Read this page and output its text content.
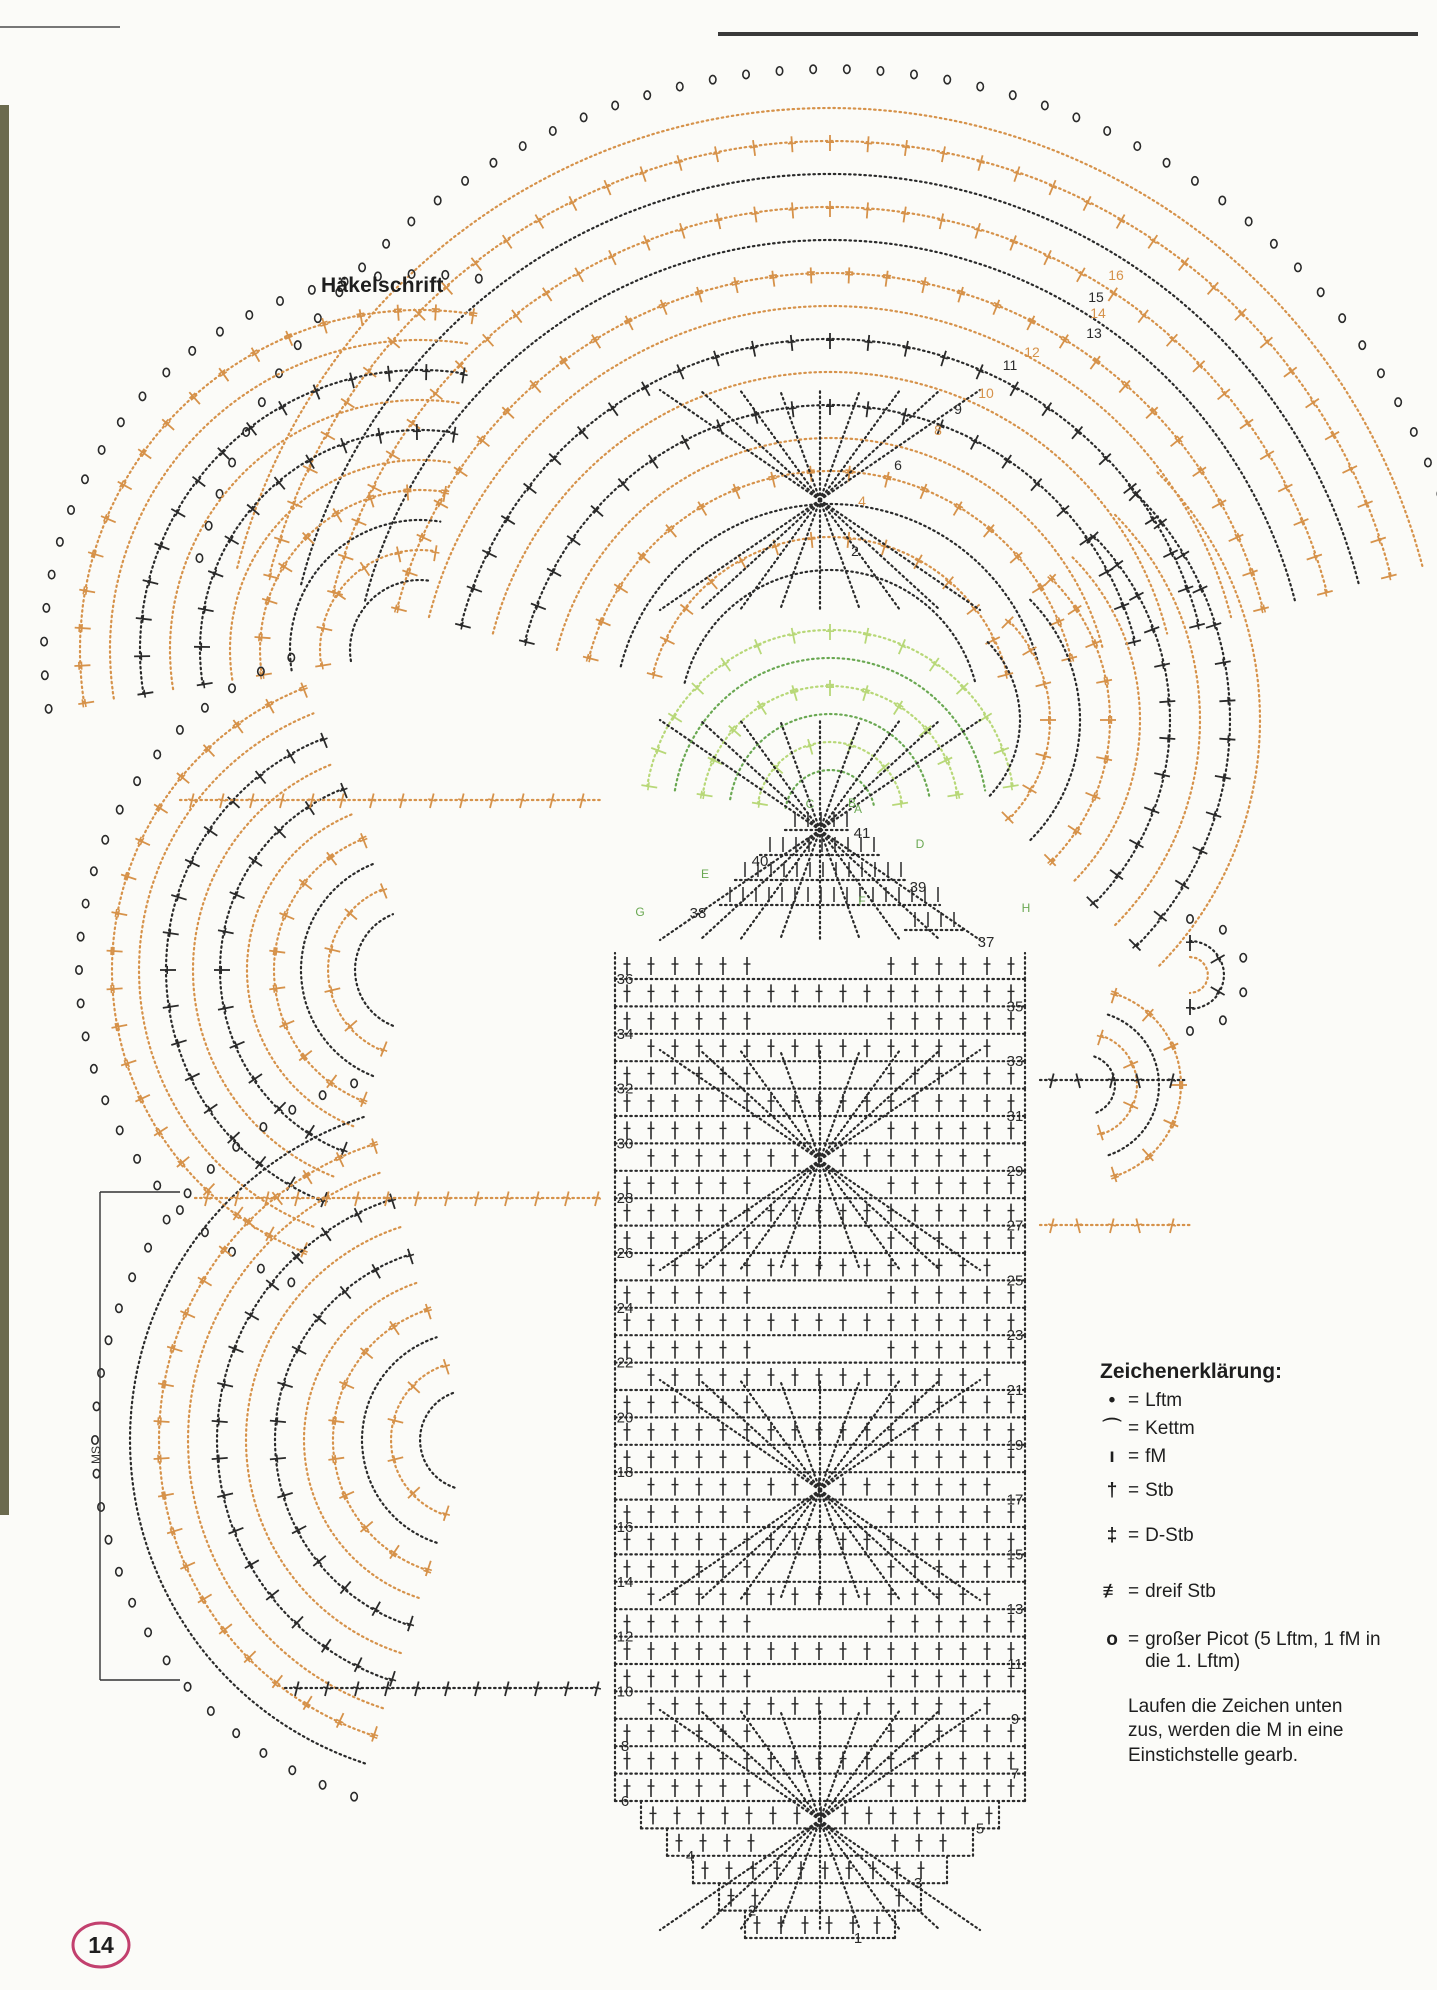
1
2
3
4
5
6
7
8
9
10
11
12
13
14
15
16
17
18
19
20
21
22
23
24
25
26
27
28
29
30
31
32
33
34
35
36
37
38
39
40
41
2
4
6
8
9
10
11
12
13
14
15
16
A
B
C
D
E
F
G	H
MS
Häkelschrift
Zeichenerklärung:
• = Lftm
⌒ = Kettm
ı = fM
† = Stb
‡ = D-Stb
≢ = dreif Stb
o = großer Picot (5 Lftm, 1 fM in die 1. Lftm)
Laufen die Zeichen unten zus, werden die M in eine Einstichstelle gearb.
14
